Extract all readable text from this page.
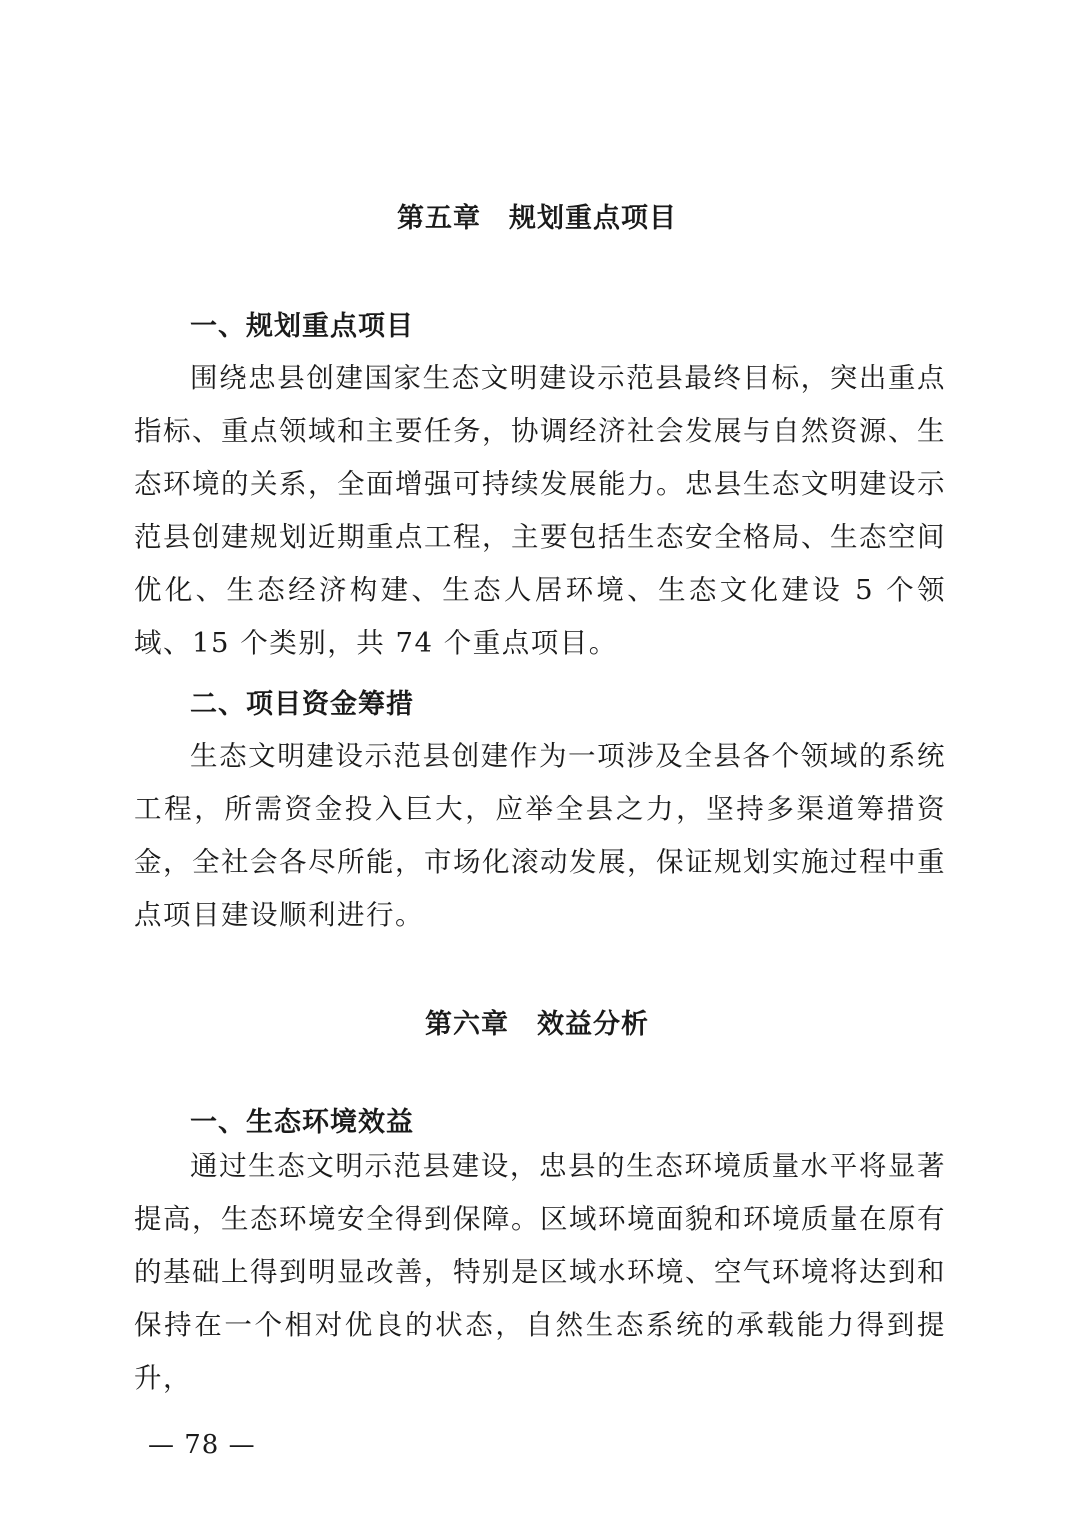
第五章　规划重点项目
一、规划重点项目

围绕忠县创建国家生态文明建设示范县最终目标，突出重点指标、重点领域和主要任务，协调经济社会发展与自然资源、生态环境的关系，全面增强可持续发展能力。忠县生态文明建设示范县创建规划近期重点工程，主要包括生态安全格局、生态空间优化、生态经济构建、生态人居环境、生态文化建设 5 个领域、15 个类别，共 74 个重点项目。

二、项目资金筹措

生态文明建设示范县创建作为一项涉及全县各个领域的系统工程，所需资金投入巨大，应举全县之力，坚持多渠道筹措资金，全社会各尽所能，市场化滚动发展，保证规划实施过程中重点项目建设顺利进行。

第六章　效益分析
一、生态环境效益

通过生态文明示范县建设，忠县的生态环境质量水平将显著提高，生态环境安全得到保障。区域环境面貌和环境质量在原有的基础上得到明显改善，特别是区域水环境、空气环境将达到和保持在一个相对优良的状态，自然生态系统的承载能力得到提升，

— 78 —
